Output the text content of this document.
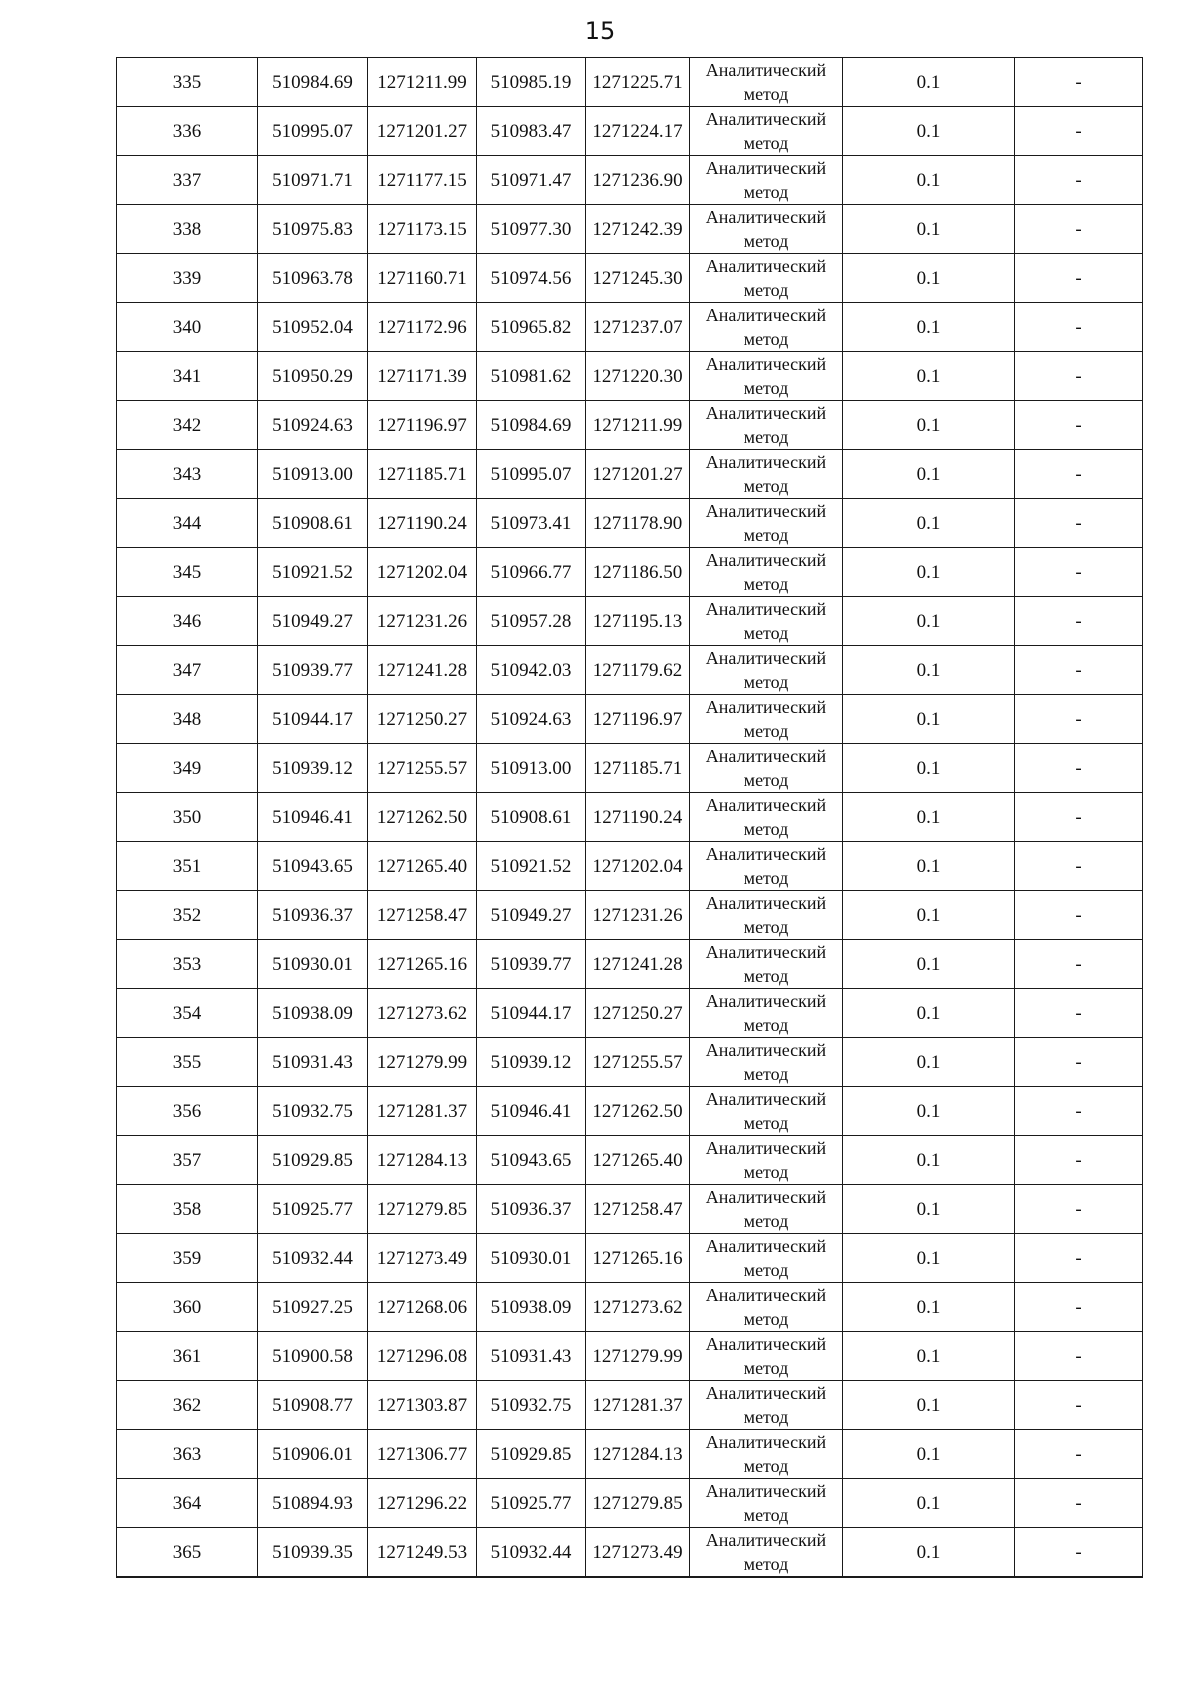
15
335	510984.69	1271211.99	510985.19	1271225.71	Аналитический метод	0.1	-
336	510995.07	1271201.27	510983.47	1271224.17	Аналитический метод	0.1	-
337	510971.71	1271177.15	510971.47	1271236.90	Аналитический метод	0.1	-
338	510975.83	1271173.15	510977.30	1271242.39	Аналитический метод	0.1	-
339	510963.78	1271160.71	510974.56	1271245.30	Аналитический метод	0.1	-
340	510952.04	1271172.96	510965.82	1271237.07	Аналитический метод	0.1	-
341	510950.29	1271171.39	510981.62	1271220.30	Аналитический метод	0.1	-
342	510924.63	1271196.97	510984.69	1271211.99	Аналитический метод	0.1	-
343	510913.00	1271185.71	510995.07	1271201.27	Аналитический метод	0.1	-
344	510908.61	1271190.24	510973.41	1271178.90	Аналитический метод	0.1	-
345	510921.52	1271202.04	510966.77	1271186.50	Аналитический метод	0.1	-
346	510949.27	1271231.26	510957.28	1271195.13	Аналитический метод	0.1	-
347	510939.77	1271241.28	510942.03	1271179.62	Аналитический метод	0.1	-
348	510944.17	1271250.27	510924.63	1271196.97	Аналитический метод	0.1	-
349	510939.12	1271255.57	510913.00	1271185.71	Аналитический метод	0.1	-
350	510946.41	1271262.50	510908.61	1271190.24	Аналитический метод	0.1	-
351	510943.65	1271265.40	510921.52	1271202.04	Аналитический метод	0.1	-
352	510936.37	1271258.47	510949.27	1271231.26	Аналитический метод	0.1	-
353	510930.01	1271265.16	510939.77	1271241.28	Аналитический метод	0.1	-
354	510938.09	1271273.62	510944.17	1271250.27	Аналитический метод	0.1	-
355	510931.43	1271279.99	510939.12	1271255.57	Аналитический метод	0.1	-
356	510932.75	1271281.37	510946.41	1271262.50	Аналитический метод	0.1	-
357	510929.85	1271284.13	510943.65	1271265.40	Аналитический метод	0.1	-
358	510925.77	1271279.85	510936.37	1271258.47	Аналитический метод	0.1	-
359	510932.44	1271273.49	510930.01	1271265.16	Аналитический метод	0.1	-
360	510927.25	1271268.06	510938.09	1271273.62	Аналитический метод	0.1	-
361	510900.58	1271296.08	510931.43	1271279.99	Аналитический метод	0.1	-
362	510908.77	1271303.87	510932.75	1271281.37	Аналитический метод	0.1	-
363	510906.01	1271306.77	510929.85	1271284.13	Аналитический метод	0.1	-
364	510894.93	1271296.22	510925.77	1271279.85	Аналитический метод	0.1	-
365	510939.35	1271249.53	510932.44	1271273.49	Аналитический метод	0.1	-
